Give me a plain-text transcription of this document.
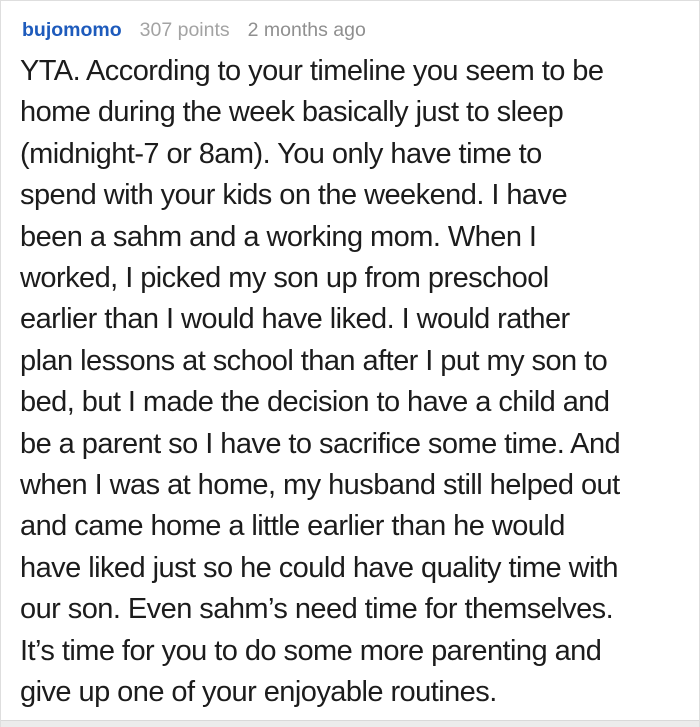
bujomomo 307 points 2 months ago
YTA. According to your timeline you seem to be
home during the week basically just to sleep
(midnight-7 or 8am). You only have time to
spend with your kids on the weekend. I have
been a sahm and a working mom. When I
worked, I picked my son up from preschool
earlier than I would have liked. I would rather
plan lessons at school than after I put my son to
bed, but I made the decision to have a child and
be a parent so I have to sacrifice some time. And
when I was at home, my husband still helped out
and came home a little earlier than he would
have liked just so he could have quality time with
our son. Even sahm’s need time for themselves.
It’s time for you to do some more parenting and
give up one of your enjoyable routines.
